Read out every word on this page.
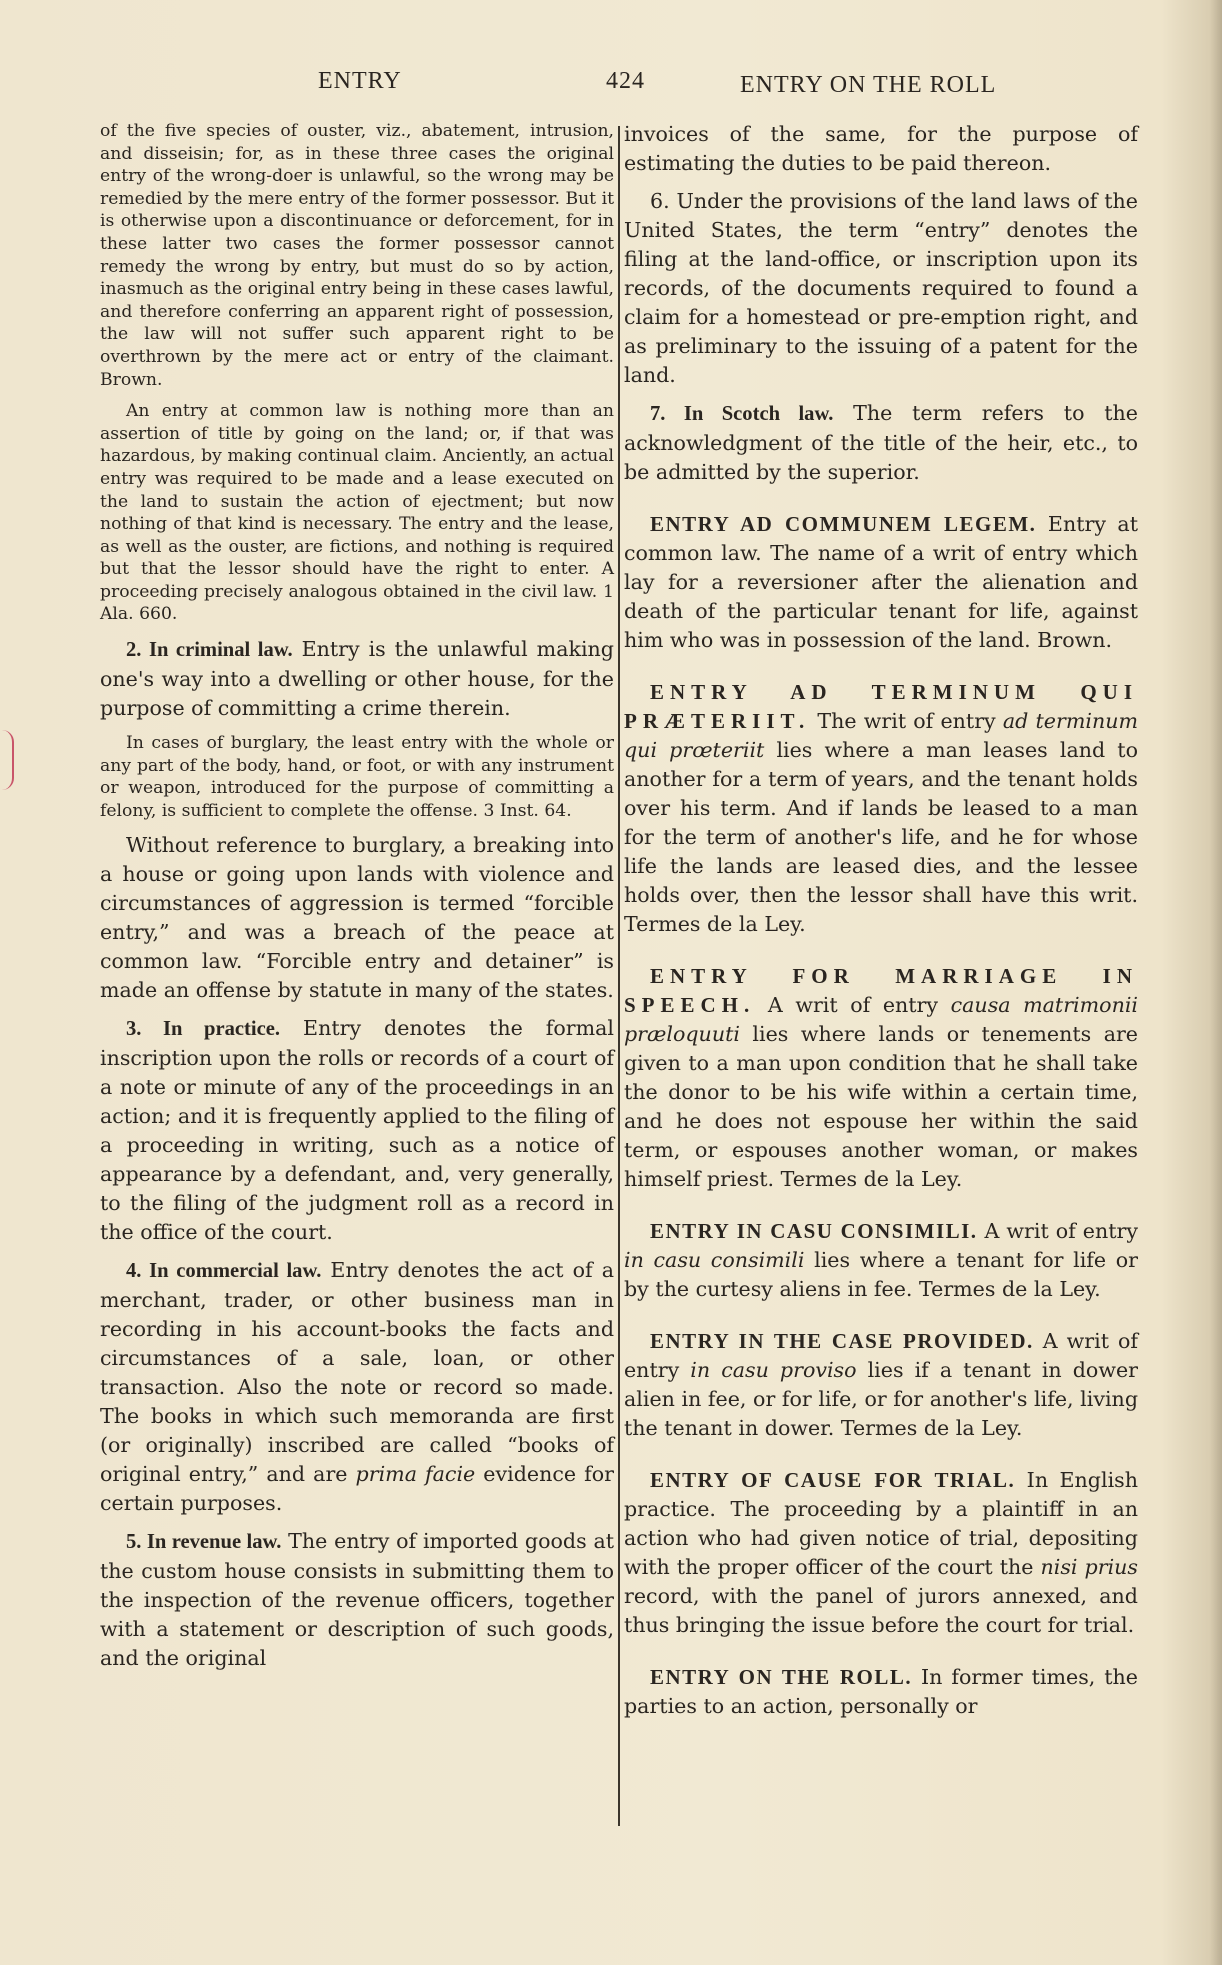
ENTRY	424	ENTRY ON THE ROLL

of the five species of ouster, viz., abatement, intrusion, and disseisin; for, as in these three cases the original entry of the wrong-doer is unlawful, so the wrong may be remedied by the mere entry of the former possessor. But it is otherwise upon a discontinuance or deforcement, for in these latter two cases the former possessor cannot remedy the wrong by entry, but must do so by action, inasmuch as the original entry being in these cases lawful, and therefore conferring an apparent right of possession, the law will not suffer such apparent right to be overthrown by the mere act or entry of the claimant. Brown.

An entry at common law is nothing more than an assertion of title by going on the land; or, if that was hazardous, by making continual claim. Anciently, an actual entry was required to be made and a lease executed on the land to sustain the action of ejectment; but now nothing of that kind is necessary. The entry and the lease, as well as the ouster, are fictions, and nothing is required but that the lessor should have the right to enter. A proceeding precisely analogous obtained in the civil law. 1 Ala. 660.

2. In criminal law. Entry is the unlawful making one's way into a dwelling or other house, for the purpose of committing a crime therein.

In cases of burglary, the least entry with the whole or any part of the body, hand, or foot, or with any instrument or weapon, introduced for the purpose of committing a felony, is sufficient to complete the offense. 3 Inst. 64.

Without reference to burglary, a breaking into a house or going upon lands with violence and circumstances of aggression is termed “forcible entry,” and was a breach of the peace at common law. “Forcible entry and detainer” is made an offense by statute in many of the states.

3. In practice. Entry denotes the formal inscription upon the rolls or records of a court of a note or minute of any of the proceedings in an action; and it is frequently applied to the filing of a proceeding in writing, such as a notice of appearance by a defendant, and, very generally, to the filing of the judgment roll as a record in the office of the court.

4. In commercial law. Entry denotes the act of a merchant, trader, or other business man in recording in his account-books the facts and circumstances of a sale, loan, or other transaction. Also the note or record so made. The books in which such memoranda are first (or originally) inscribed are called “books of original entry,” and are prima facie evidence for certain purposes.

5. In revenue law. The entry of imported goods at the custom house consists in submitting them to the inspection of the revenue officers, together with a statement or description of such goods, and the original

invoices of the same, for the purpose of estimating the duties to be paid thereon.

6. Under the provisions of the land laws of the United States, the term “entry” denotes the filing at the land-office, or inscription upon its records, of the documents required to found a claim for a homestead or pre-emption right, and as preliminary to the issuing of a patent for the land.

7. In Scotch law. The term refers to the acknowledgment of the title of the heir, etc., to be admitted by the superior.

ENTRY AD COMMUNEM LEGEM. Entry at common law. The name of a writ of entry which lay for a reversioner after the alienation and death of the particular tenant for life, against him who was in possession of the land. Brown.

ENTRY AD TERMINUM QUI PRÆTERIIT. The writ of entry ad terminum qui prœteriit lies where a man leases land to another for a term of years, and the tenant holds over his term. And if lands be leased to a man for the term of another's life, and he for whose life the lands are leased dies, and the lessee holds over, then the lessor shall have this writ. Termes de la Ley.

ENTRY FOR MARRIAGE IN SPEECH. A writ of entry causa matrimonii præloquuti lies where lands or tenements are given to a man upon condition that he shall take the donor to be his wife within a certain time, and he does not espouse her within the said term, or espouses another woman, or makes himself priest. Termes de la Ley.

ENTRY IN CASU CONSIMILI. A writ of entry in casu consimili lies where a tenant for life or by the curtesy aliens in fee. Termes de la Ley.

ENTRY IN THE CASE PROVIDED. A writ of entry in casu proviso lies if a tenant in dower alien in fee, or for life, or for another's life, living the tenant in dower. Termes de la Ley.

ENTRY OF CAUSE FOR TRIAL. In English practice. The proceeding by a plaintiff in an action who had given notice of trial, depositing with the proper officer of the court the nisi prius record, with the panel of jurors annexed, and thus bringing the issue before the court for trial.

ENTRY ON THE ROLL. In former times, the parties to an action, personally or
